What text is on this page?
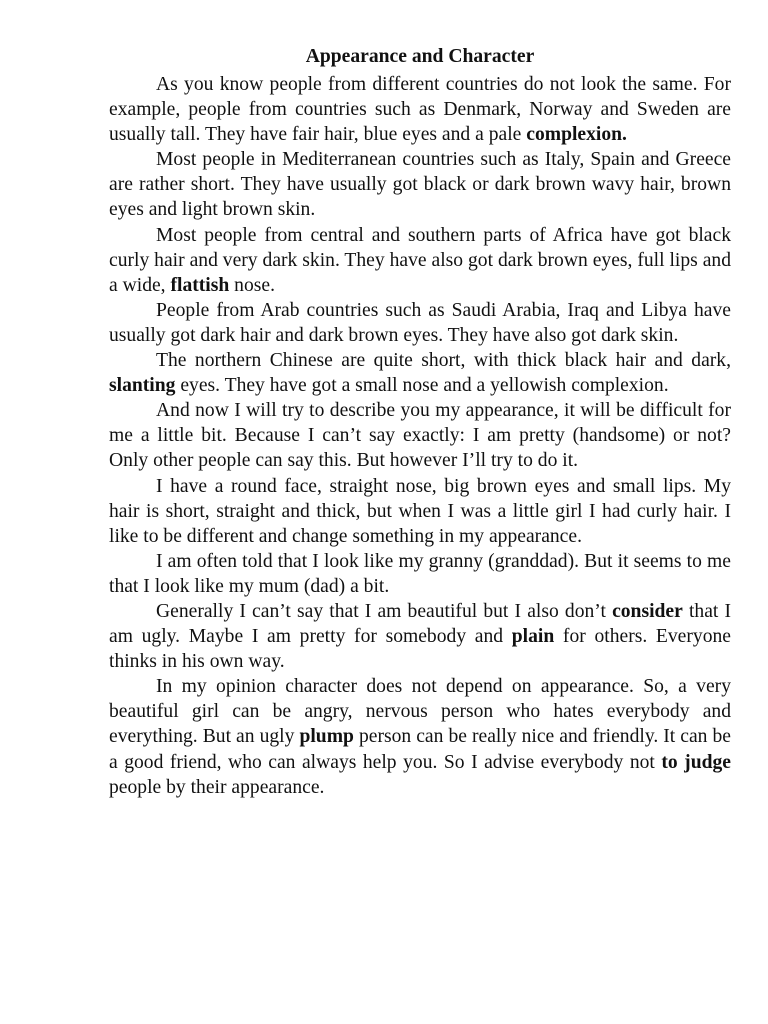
Appearance and Character

As you know people from different countries do not look the same. For example, people from countries such as Denmark, Norway and Sweden are usually tall. They have fair hair, blue eyes and a pale complexion.

Most people in Mediterranean countries such as Italy, Spain and Greece are rather short. They have usually got black or dark brown wavy hair, brown eyes and light brown skin.

Most people from central and southern parts of Africa have got black curly hair and very dark skin. They have also got dark brown eyes, full lips and a wide, flattish nose.

People from Arab countries such as Saudi Arabia, Iraq and Libya have usually got dark hair and dark brown eyes. They have also got dark skin.

The northern Chinese are quite short, with thick black hair and dark, slanting eyes. They have got a small nose and a yellowish complexion.

And now I will try to describe you my appearance, it will be difficult for me a little bit. Because I can’t say exactly: I am pretty (handsome) or not? Only other people can say this. But however I’ll try to do it.

I have a round face, straight nose, big brown eyes and small lips. My hair is short, straight and thick, but when I was a little girl I had curly hair. I like to be different and change something in my appearance.

I am often told that I look like my granny (granddad). But it seems to me that I look like my mum (dad) a bit.

Generally I can’t say that I am beautiful but I also don’t consider that I am ugly. Maybe I am pretty for somebody and plain for others. Everyone thinks in his own way.

In my opinion character does not depend on appearance. So, a very beautiful girl can be angry, nervous person who hates everybody and everything. But an ugly plump person can be really nice and friendly. It can be a good friend, who can always help you. So I advise everybody not to judge people by their appearance.
